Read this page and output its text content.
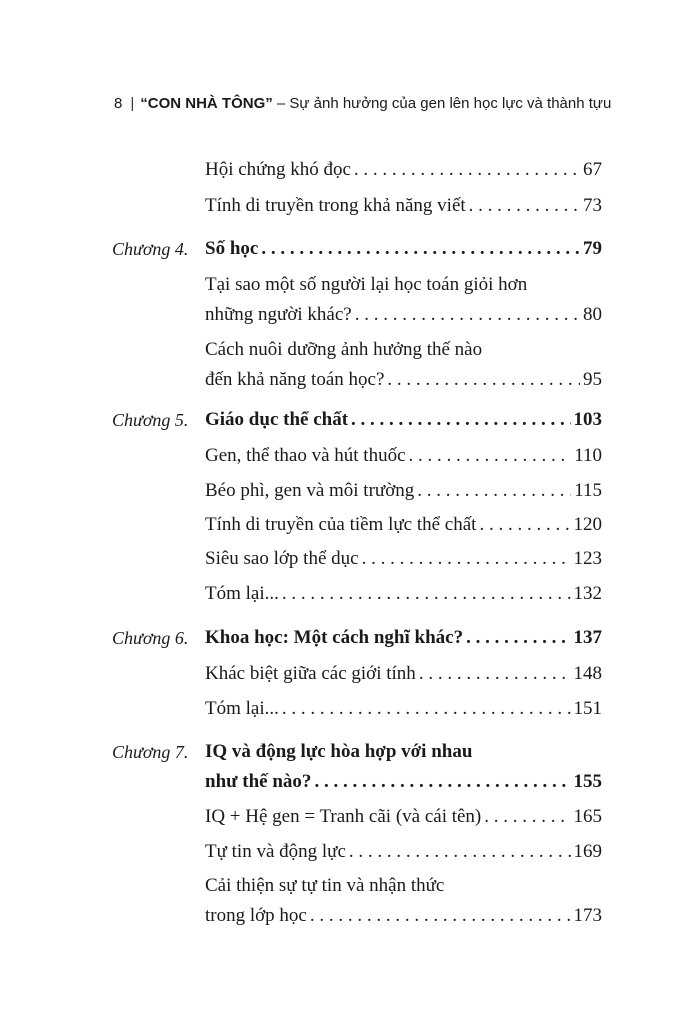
8 | “CON NHÀ TÔNG” – Sự ảnh hưởng của gen lên học lực và thành tựu
Hội chứng khó đọc . . .	67
Tính di truyền trong khả năng viết . . .	73
Chương 4. Số học . . .	79
Tại sao một số người lại học toán giỏi hơn
những người khác? . . .	80
Cách nuôi dưỡng ảnh hưởng thế nào
đến khả năng toán học? . . .	95
Chương 5. Giáo dục thể chất . . .	103
Gen, thể thao và hút thuốc . . .	110
Béo phì, gen và môi trường . . .	115
Tính di truyền của tiềm lực thể chất . . .	120
Siêu sao lớp thể dục . . .	123
Tóm lại... . . .	132
Chương 6. Khoa học: Một cách nghĩ khác? . . .	137
Khác biệt giữa các giới tính . . .	148
Tóm lại... . . .	151
Chương 7. IQ và động lực hòa hợp với nhau
như thế nào? . . .	155
IQ + Hệ gen = Tranh cãi (và cái tên) . . .	165
Tự tin và động lực . . .	169
Cải thiện sự tự tin và nhận thức
trong lớp học . . .	173
